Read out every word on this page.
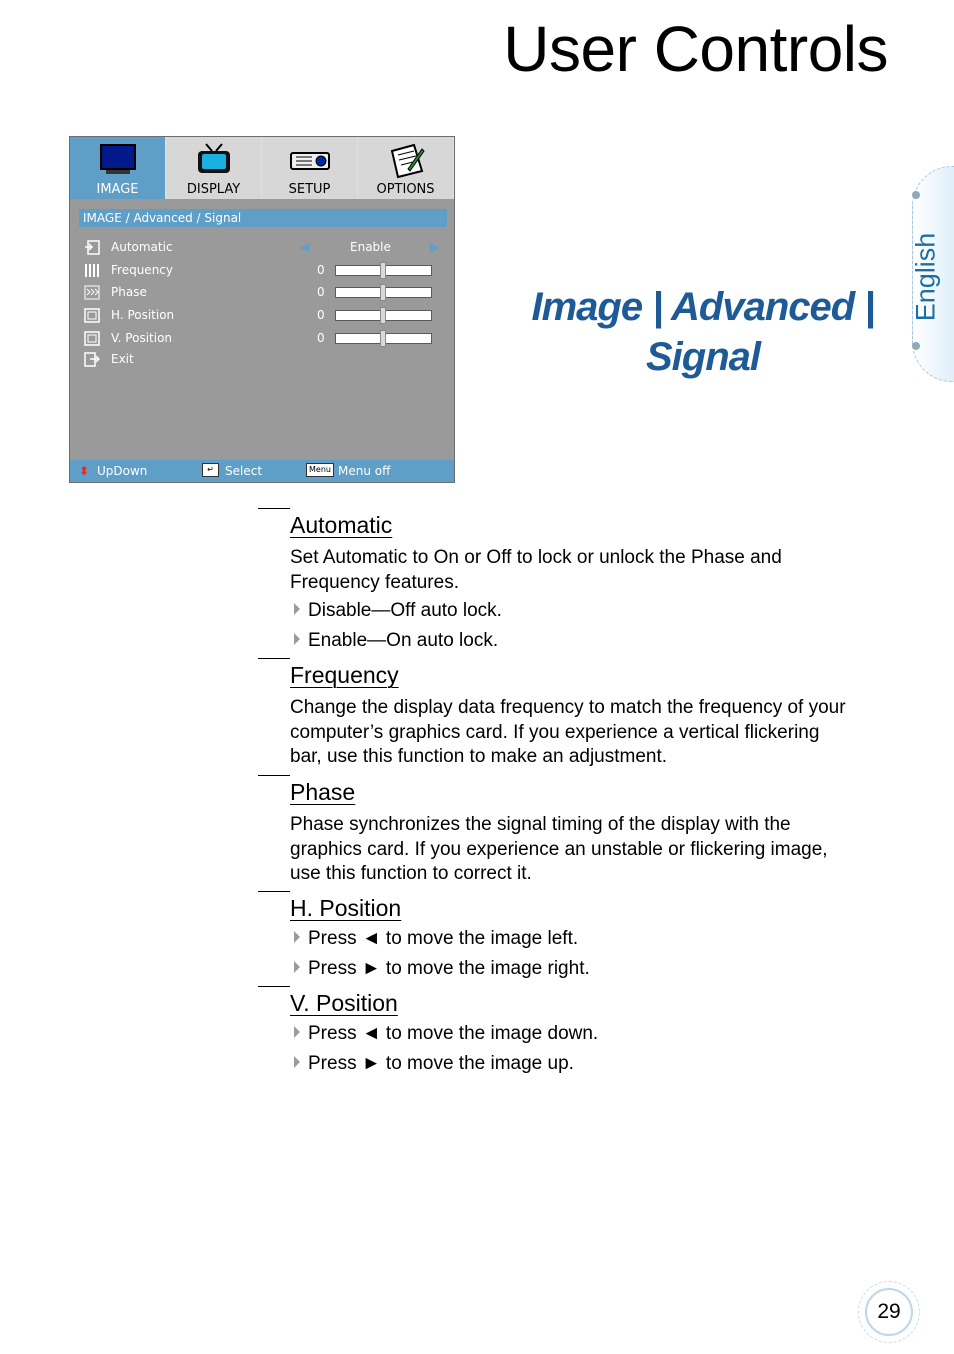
User Controls
English
IMAGE	DISPLAY	SETUP	OPTIONS
IMAGE / Advanced / Signal
Automatic	◀	Enable	▶
Frequency	0
Phase	0
H. Position	0
V. Position	0
Exit
⬍ UpDown	↵ Select	Menu Menu off
Image | Advanced |
Signal
Automatic
Set Automatic to On or Off to lock or unlock the Phase and
Frequency features.
Disable—Off auto lock.
Enable—On auto lock.
Frequency
Change the display data frequency to match the frequency of your
computer’s graphics card. If you experience a vertical flickering
bar, use this function to make an adjustment.
Phase
Phase synchronizes the signal timing of the display with the
graphics card. If you experience an unstable or flickering image,
use this function to correct it.
H. Position
Press ◄ to move the image left.
Press ► to move the image right.
V. Position
Press ◄ to move the image down.
Press ► to move the image up.
29
